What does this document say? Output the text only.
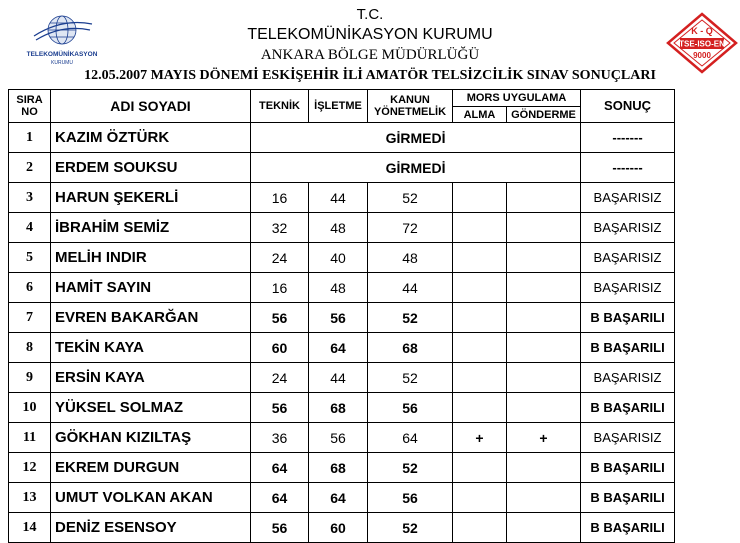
TELEKOMÜNİKASYON
KURUMU
K - Q
TSE-ISO-EN
9000
T.C.
TELEKOMÜNİKASYON KURUMU
ANKARA BÖLGE MÜDÜRLÜĞÜ
12.05.2007 MAYIS DÖNEMİ ESKİŞEHİR İLİ AMATÖR TELSİZCİLİK SINAV SONUÇLARI
SIRA NO	ADI SOYADI	TEKNİK	İŞLETME	KANUN YÖNETMELİK	MORS UYGULAMA		SONUÇ
					ALMA	GÖNDERME	
1	KAZIM ÖZTÜRK	GİRMEDİ					-------
2	ERDEM SOUKSU	GİRMEDİ					-------
3	HARUN ŞEKERLİ	16	44	52			BAŞARISIZ
4	İBRAHİM SEMİZ	32	48	72			BAŞARISIZ
5	MELİH INDIR	24	40	48			BAŞARISIZ
6	HAMİT SAYIN	16	48	44			BAŞARISIZ
7	EVREN BAKARĞAN	56	56	52			B BAŞARILI
8	TEKİN KAYA	60	64	68			B BAŞARILI
9	ERSİN KAYA	24	44	52			BAŞARISIZ
10	YÜKSEL SOLMAZ	56	68	56			B BAŞARILI
11	GÖKHAN KIZILTAŞ	36	56	64	+	+	BAŞARISIZ
12	EKREM DURGUN	64	68	52			B BAŞARILI
13	UMUT VOLKAN AKAN	64	64	56			B BAŞARILI
14	DENİZ ESENSOY	56	60	52			B BAŞARILI
